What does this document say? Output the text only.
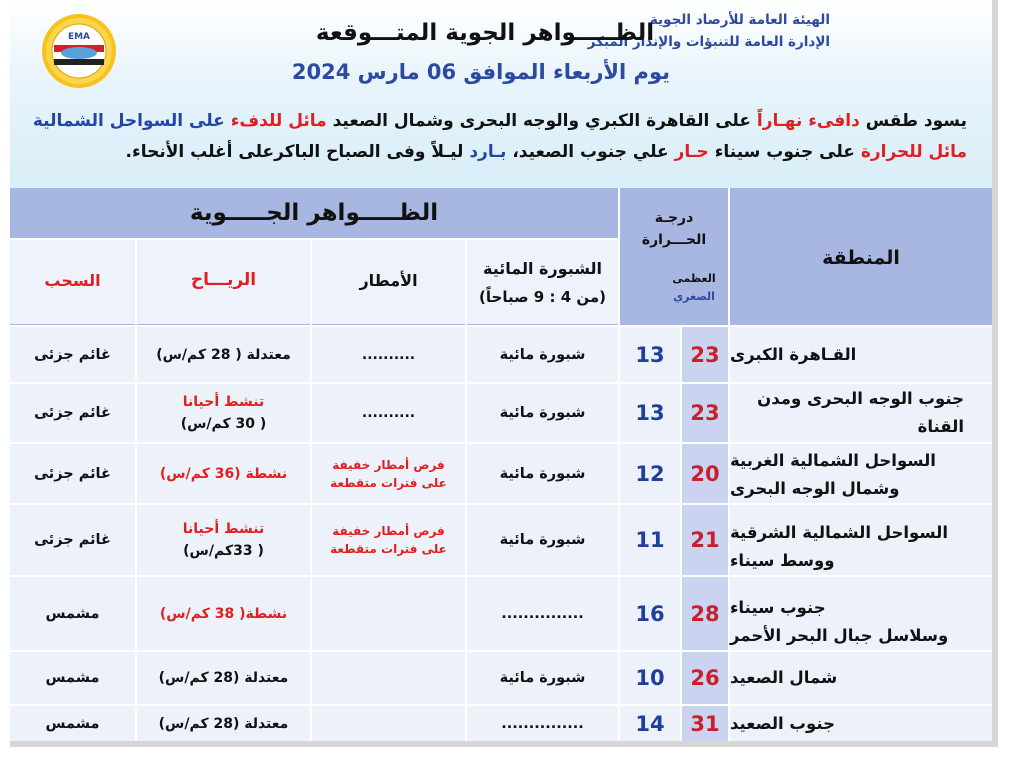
EMA
الهيئة العامة للأرصاد الجوية
الإدارة العامة للتنبؤات والإنذار المبكر
الظـــــواهر الجوية المتـــوقعة
يوم الأربعاء الموافق 06 مارس 2024
يسود طقس دافىء نهـاراً على القاهرة الكبري والوجه البحرى وشمال الصعيد مائل للدفء على السواحل الشمالية
مائل للحرارة على جنوب سيناء حـار علي جنوب الصعيد، بـارد ليـلاً وفى الصباح الباكرعلى أغلب الأنحاء.
الظـــــواهر الجـــــوية
المنطقة
درجـة الحـــرارة
العظمى
الصغري
الشبورة المائية
(من 4 : 9 صباحاً)
الأمطار
الريـــاح
السحب
القـاهرة الكبرى
23
13
شبورة مائية
..........
معتدلة ( 28 كم/س)
غائم جزئى
جنوب الوجه البحرى ومدن القناة
23
13
شبورة مائية
..........
تنشط أحيانا
( 30 كم/س)
غائم جزئى
السواحل الشمالية الغربية
وشمال الوجه البحرى
20
12
شبورة مائية
فرص أمطار خفيفة
على فترات متقطعة
نشطة (36 كم/س)
غائم جزئى
السواحل الشمالية الشرقية
ووسط سيناء
21
11
شبورة مائية
فرص أمطار خفيفة
على فترات متقطعة
تنشط أحيانا
( 33كم/س)
غائم جزئى
جنوب سيناء
وسلاسل جبال البحر الأحمر
28
16
...............
نشطة( 38 كم/س)
مشمس
شمال الصعيد
26
10
شبورة مائية
معتدلة (28 كم/س)
مشمس
جنوب الصعيد
31
14
...............
معتدلة (28 كم/س)
مشمس
